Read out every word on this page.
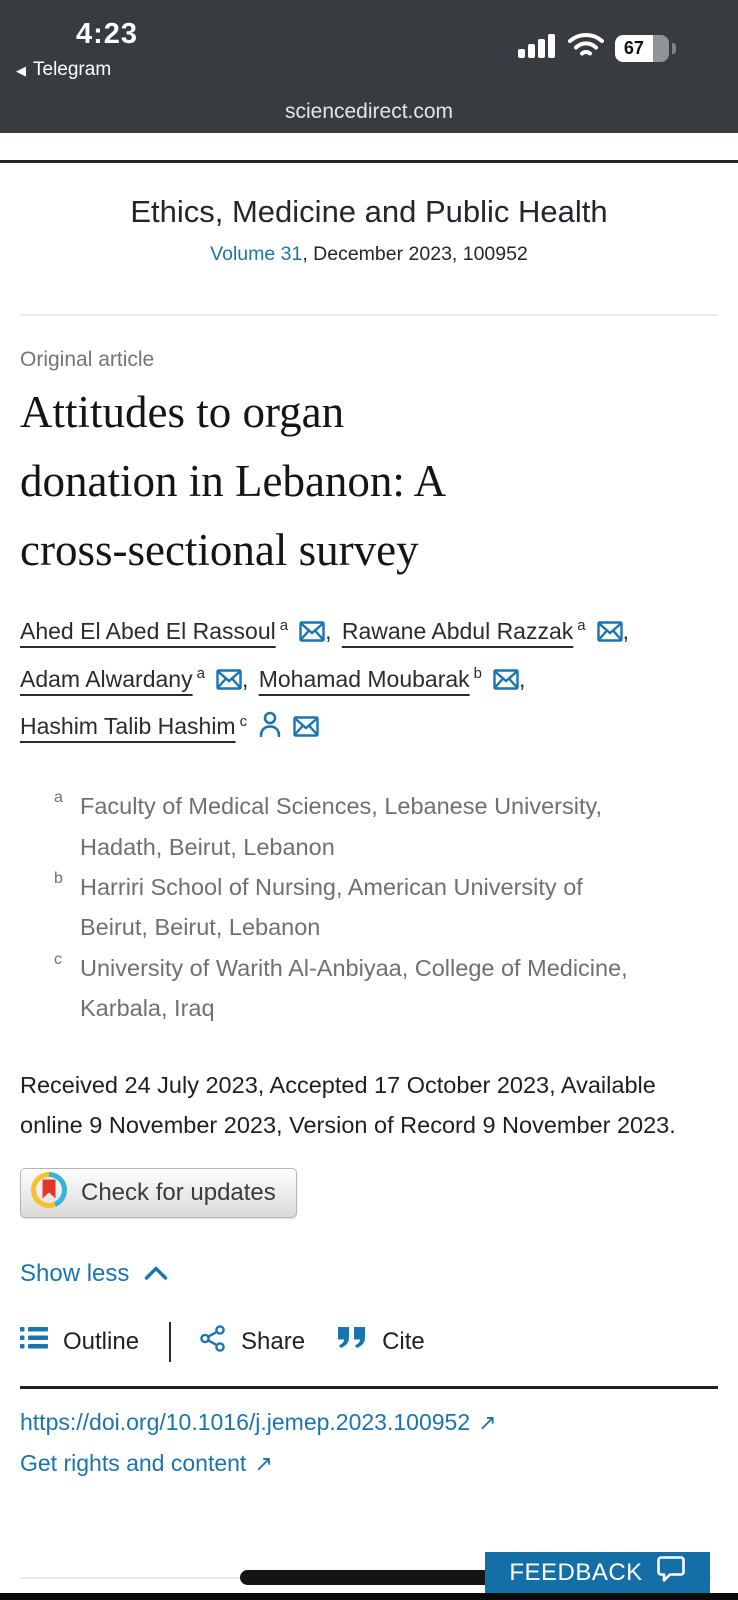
4:23
◀ Telegram
67
sciencedirect.com
Ethics, Medicine and Public Health
Volume 31, December 2023, 100952
Original article
Attitudes to organ
donation in Lebanon: A
cross-sectional survey
Ahed El Abed El Rassoul $^a$ , Rawane Abdul Razzak $^a$ , Adam Alwardany $^a$ , Mohamad Moubarak $^b$ , Hashim Talib Hashim $^c$
a Faculty of Medical Sciences, Lebanese University, Hadath, Beirut, Lebanon
b Harriri School of Nursing, American University of Beirut, Beirut, Lebanon
c University of Warith Al-Anbiyaa, College of Medicine, Karbala, Iraq
Received 24 July 2023, Accepted 17 October 2023, Available online 9 November 2023, Version of Record 9 November 2023.
Check for updates
Show less
Outline	Share	Cite
https://doi.org/10.1016/j.jemep.2023.100952 ↗
Get rights and content ↗
FEEDBACK
